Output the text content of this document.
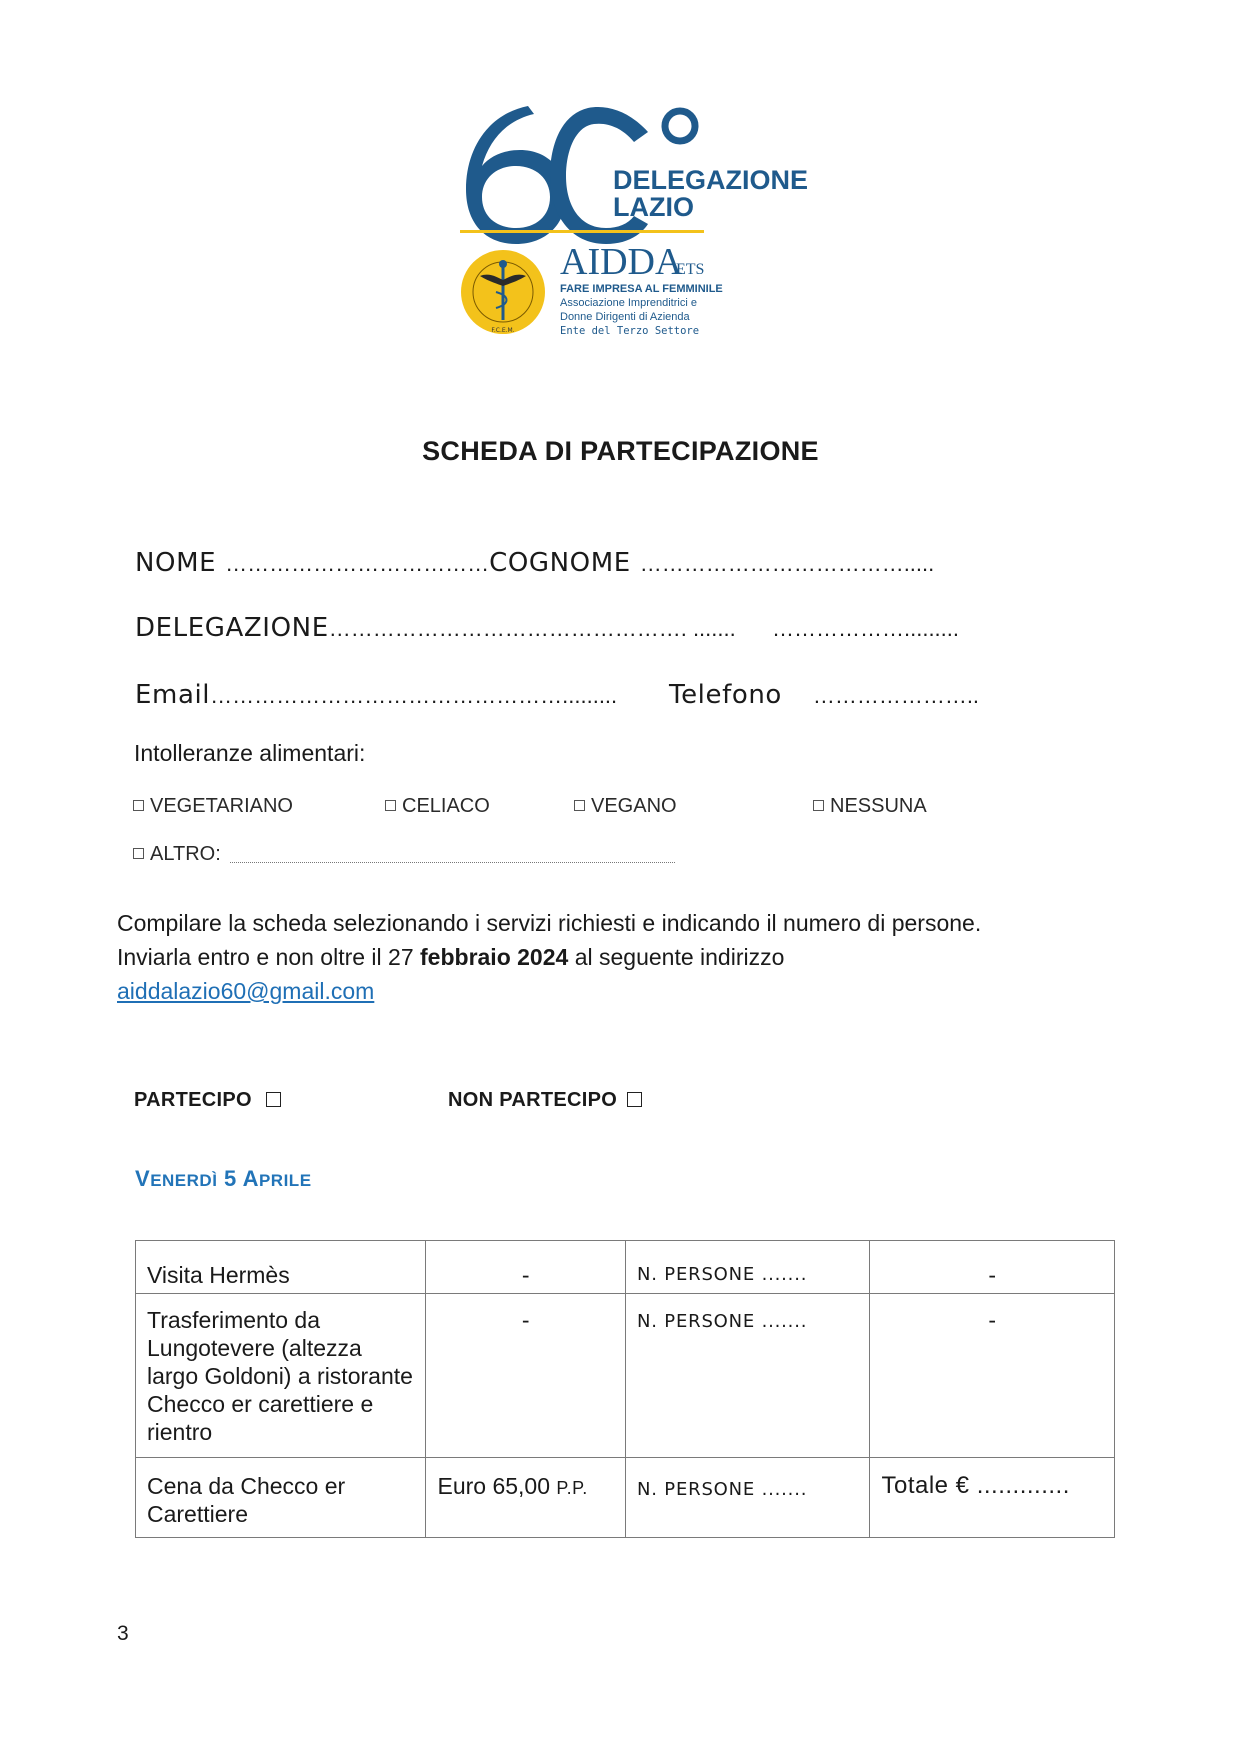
DELEGAZIONE
LAZIO
F.C.E.M.
AIDDA
ETS
FARE IMPRESA AL FEMMINILE
Associazione Imprenditrici e
Donne Dirigenti di Azienda
Ente del Terzo Settore
SCHEDA DI PARTECIPAZIONE
NOME ………………………………COGNOME ……………………………….....
DELEGAZIONE…………………………………………. ....... ……………….........
Email…………………………………………......... Telefono …………………..
Intolleranze alimentari:
VEGETARIANO	CELIACO	VEGANO	NESSUNA
ALTRO:
Compilare la scheda selezionando i servizi richiesti e indicando il numero di persone.
Inviarla entro e non oltre il 27 febbraio 2024 al seguente indirizzo
aiddalazio60@gmail.com
PARTECIPO	NON PARTECIPO
VENERDÌ 5 APRILE
Visita Hermès	-	N. PERSONE .......	-
Trasferimento da Lungotevere (altezza largo Goldoni) a ristorante Checco er carettiere e rientro	-	N. PERSONE .......	-
Cena da Checco er Carettiere	Euro 65,00 P.P.	N. PERSONE .......	Totale € .............
3
